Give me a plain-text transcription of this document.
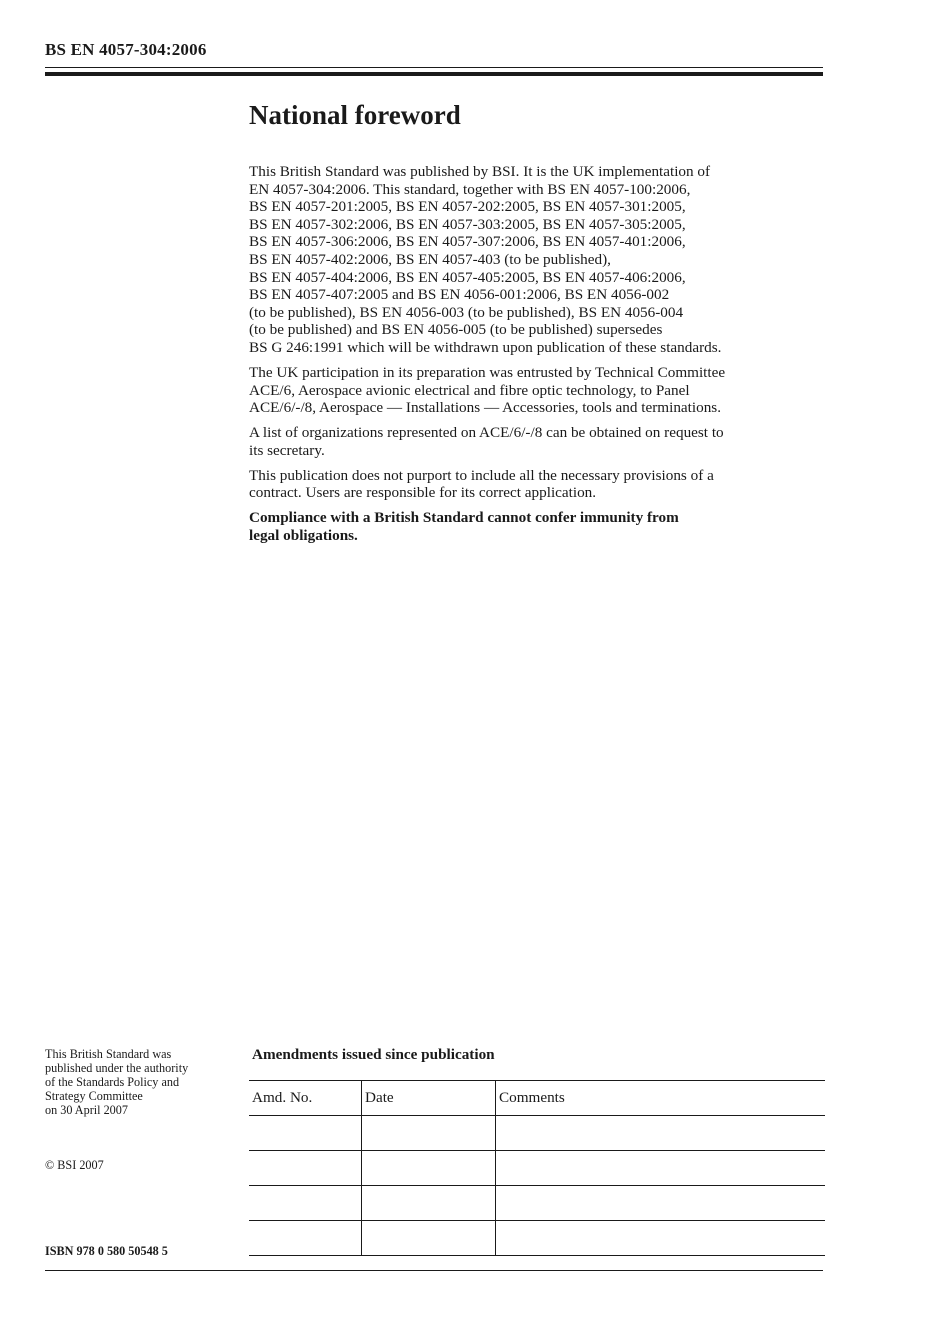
BS EN 4057-304:2006
National foreword

This British Standard was published by BSI. It is the UK implementation of
EN 4057-304:2006. This standard, together with BS EN 4057-100:2006,
BS EN 4057-201:2005, BS EN 4057-202:2005, BS EN 4057-301:2005,
BS EN 4057-302:2006, BS EN 4057-303:2005, BS EN 4057-305:2005,
BS EN 4057-306:2006, BS EN 4057-307:2006, BS EN 4057-401:2006,
BS EN 4057-402:2006, BS EN 4057-403 (to be published),
BS EN 4057-404:2006, BS EN 4057-405:2005, BS EN 4057-406:2006,
BS EN 4057-407:2005 and BS EN 4056-001:2006, BS EN 4056-002
(to be published), BS EN 4056-003 (to be published), BS EN 4056-004
(to be published) and BS EN 4056-005 (to be published) supersedes
BS G 246:1991 which will be withdrawn upon publication of these standards.

The UK participation in its preparation was entrusted by Technical Committee
ACE/6, Aerospace avionic electrical and fibre optic technology, to Panel
ACE/6/-/8, Aerospace — Installations — Accessories, tools and terminations.

A list of organizations represented on ACE/6/-/8 can be obtained on request to
its secretary.

This publication does not purport to include all the necessary provisions of a
contract. Users are responsible for its correct application.

Compliance with a British Standard cannot confer immunity from
legal obligations.

This British Standard was
published under the authority
of the Standards Policy and
Strategy Committee
on 30 April 2007
© BSI 2007
ISBN 978 0 580 50548 5
Amendments issued since publication
Amd. No.	Date	Comments
